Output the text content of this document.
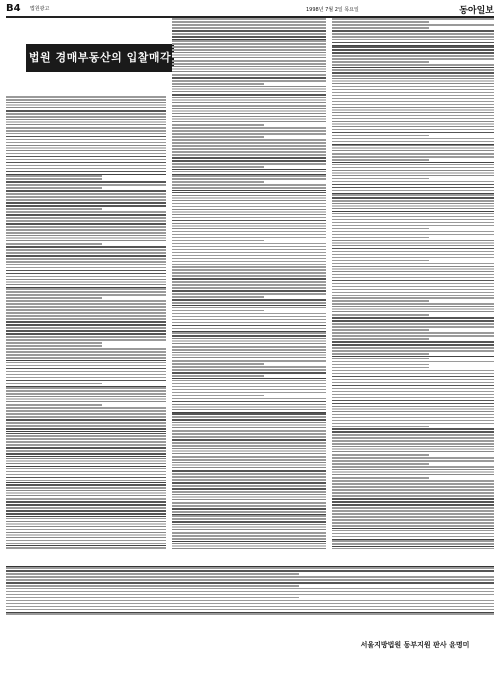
B4 법원광고	1998년 7월 2일 목요일	동아일보
법원 경매부동산의 입찰매각공고
서울지방법원 동부지원 판사 윤명미
